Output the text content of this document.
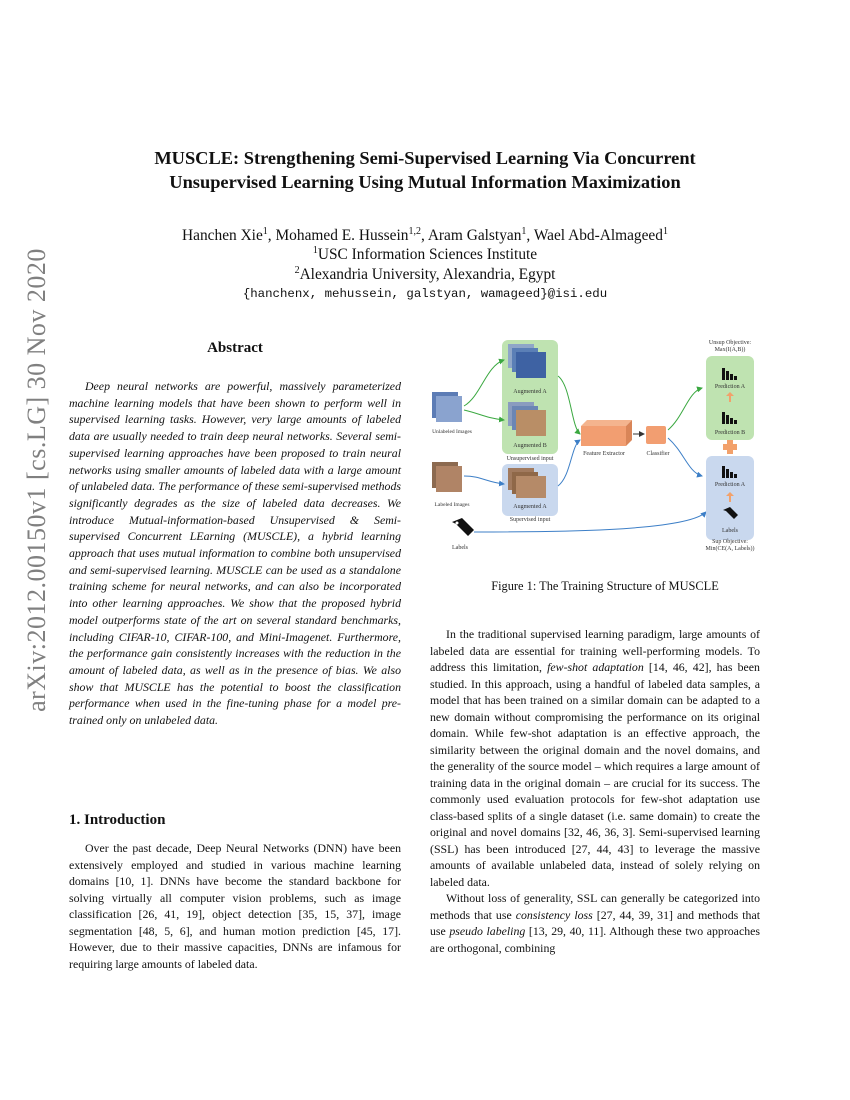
arXiv:2012.00150v1 [cs.LG] 30 Nov 2020
MUSCLE: Strengthening Semi-Supervised Learning Via Concurrent
Unsupervised Learning Using Mutual Information Maximization
Hanchen Xie$^1$, Mohamed E. Hussein$^{1,2}$, Aram Galstyan$^1$, Wael Abd-Almageed$^1$
$^1$USC Information Sciences Institute
$^2$Alexandria University, Alexandria, Egypt
{hanchenx, mehussein, galstyan, wamageed}@isi.edu
Abstract
Deep neural networks are powerful, massively parameterized machine learning models that have been shown to perform well in supervised learning tasks. However, very large amounts of labeled data are usually needed to train deep neural networks. Several semi-supervised learning approaches have been proposed to train neural networks using smaller amounts of labeled data with a large amount of unlabeled data. The performance of these semi-supervised methods significantly degrades as the size of labeled data decreases. We introduce Mutual-information-based Unsupervised & Semi-supervised Concurrent LEarning (MUSCLE), a hybrid learning approach that uses mutual information to combine both unsupervised and semi-supervised learning. MUSCLE can be used as a standalone training scheme for neural networks, and can also be incorporated into other learning approaches. We show that the proposed hybrid model outperforms state of the art on several standard benchmarks, including CIFAR-10, CIFAR-100, and Mini-Imagenet. Furthermore, the performance gain consistently increases with the reduction in the amount of labeled data, as well as in the presence of bias. We also show that MUSCLE has the potential to boost the classification performance when used in the fine-tuning phase for a model pre-trained only on unlabeled data.
1. Introduction
Over the past decade, Deep Neural Networks (DNN) have been extensively employed and studied in various machine learning domains [10, 1]. DNNs have become the standard backbone for solving virtually all computer vision problems, such as image classification [26, 41, 19], object detection [35, 15, 37], image segmentation [48, 5, 6], and human motion prediction [45, 17]. However, due to their massive capacities, DNNs are infamous for requiring large amounts of labeled data.
Augmented A
Augmented B
Unsupervised input
Augmented A
Supervised input
Unlabeled Images
Labeled Images
Labels
Feature Extractor	Classifier
Unsup Objective:
Max(I(A,B))
Prediction A
Prediction B
Prediction A
Labels
Sup Objective:
Min(CE(A, Labels))
Figure 1: The Training Structure of MUSCLE

In the traditional supervised learning paradigm, large amounts of labeled data are essential for training well-performing models. To address this limitation, few-shot adaptation [14, 46, 42], has been studied. In this approach, using a handful of labeled data samples, a model that has been trained on a similar domain can be adapted to a new domain without compromising the performance on its original domain. While few-shot adaptation is an effective approach, the similarity between the original domain and the novel domains, and the generality of the source model – which requires a large amount of training data in the original domain – are crucial for its success. The commonly used evaluation protocols for few-shot adaptation use class-based splits of a single dataset (i.e. same domain) to create the original and novel domains [32, 46, 36, 3]. Semi-supervised learning (SSL) has been introduced [27, 44, 43] to leverage the massive amounts of available unlabeled data, instead of solely relying on labeled data.

Without loss of generality, SSL can generally be categorized into methods that use consistency loss [27, 44, 39, 31] and methods that use pseudo labeling [13, 29, 40, 11]. Although these two approaches are orthogonal, combining
